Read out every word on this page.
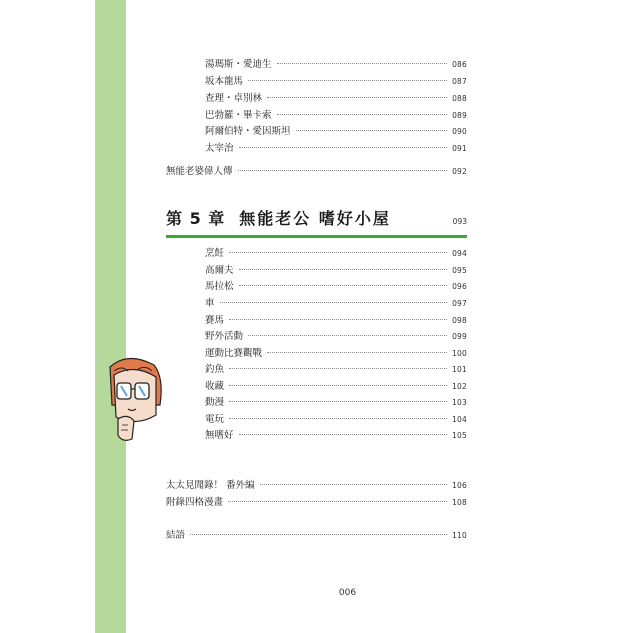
湯瑪斯・愛迪生	086
坂本龍馬	087
查理・卓別林	088
巴勃羅・畢卡索	089
阿爾伯特・愛因斯坦	090
太宰治	091
無能老婆偉人傳	092
第 5 章 無能老公 嗜好小屋	093
烹飪	094
高爾夫	095
馬拉松	096
車	097
賽馬	098
野外活動	099
運動比賽觀戰	100
釣魚	101
收藏	102
動漫	103
電玩	104
無嗜好	105
太太見聞錄！ 番外編	106
附錄四格漫畫	108
結語	110
006
